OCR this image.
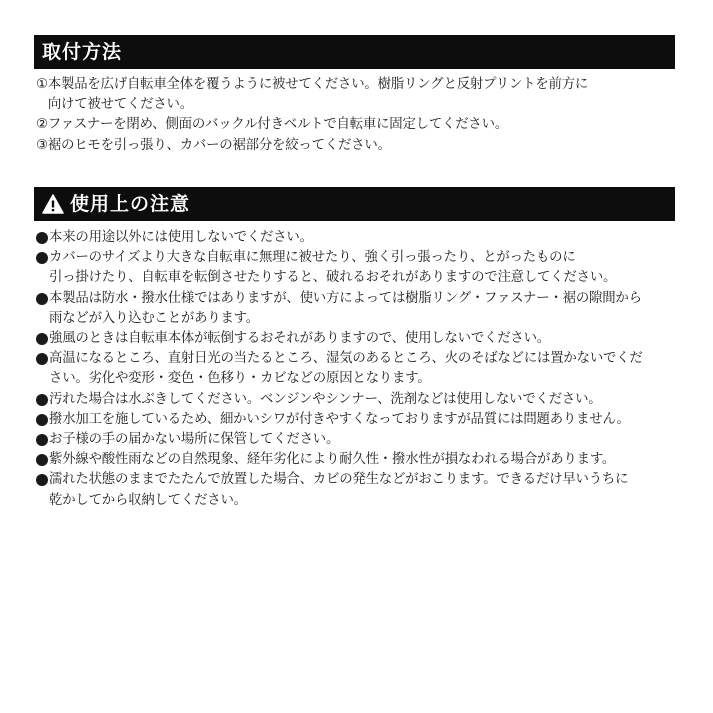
取付方法
① 本製品を広げ自転車全体を覆うように被せてください。樹脂リングと反射プリントを前方に
向けて被せてください。
② ファスナーを閉め、側面のバックル付きベルトで自転車に固定してください。
③ 裾のヒモを引っ張り、カバーの裾部分を絞ってください。
使用上の注意
本来の用途以外には使用しないでください。
カバーのサイズより大きな自転車に無理に被せたり、強く引っ張ったり、とがったものに
引っ掛けたり、自転車を転倒させたりすると、破れるおそれがありますので注意してください。
本製品は防水・撥水仕様ではありますが、使い方によっては樹脂リング・ファスナー・裾の隙間から
雨などが入り込むことがあります。
強風のときは自転車本体が転倒するおそれがありますので、使用しないでください。
高温になるところ、直射日光の当たるところ、湿気のあるところ、火のそばなどには置かないでくだ
さい。劣化や変形・変色・色移り・カビなどの原因となります。
汚れた場合は水ぶきしてください。ベンジンやシンナー、洗剤などは使用しないでください。
撥水加工を施しているため、細かいシワが付きやすくなっておりますが品質には問題ありません。
お子様の手の届かない場所に保管してください。
紫外線や酸性雨などの自然現象、経年劣化により耐久性・撥水性が損なわれる場合があります。
濡れた状態のままでたたんで放置した場合、カビの発生などがおこります。できるだけ早いうちに
乾かしてから収納してください。
